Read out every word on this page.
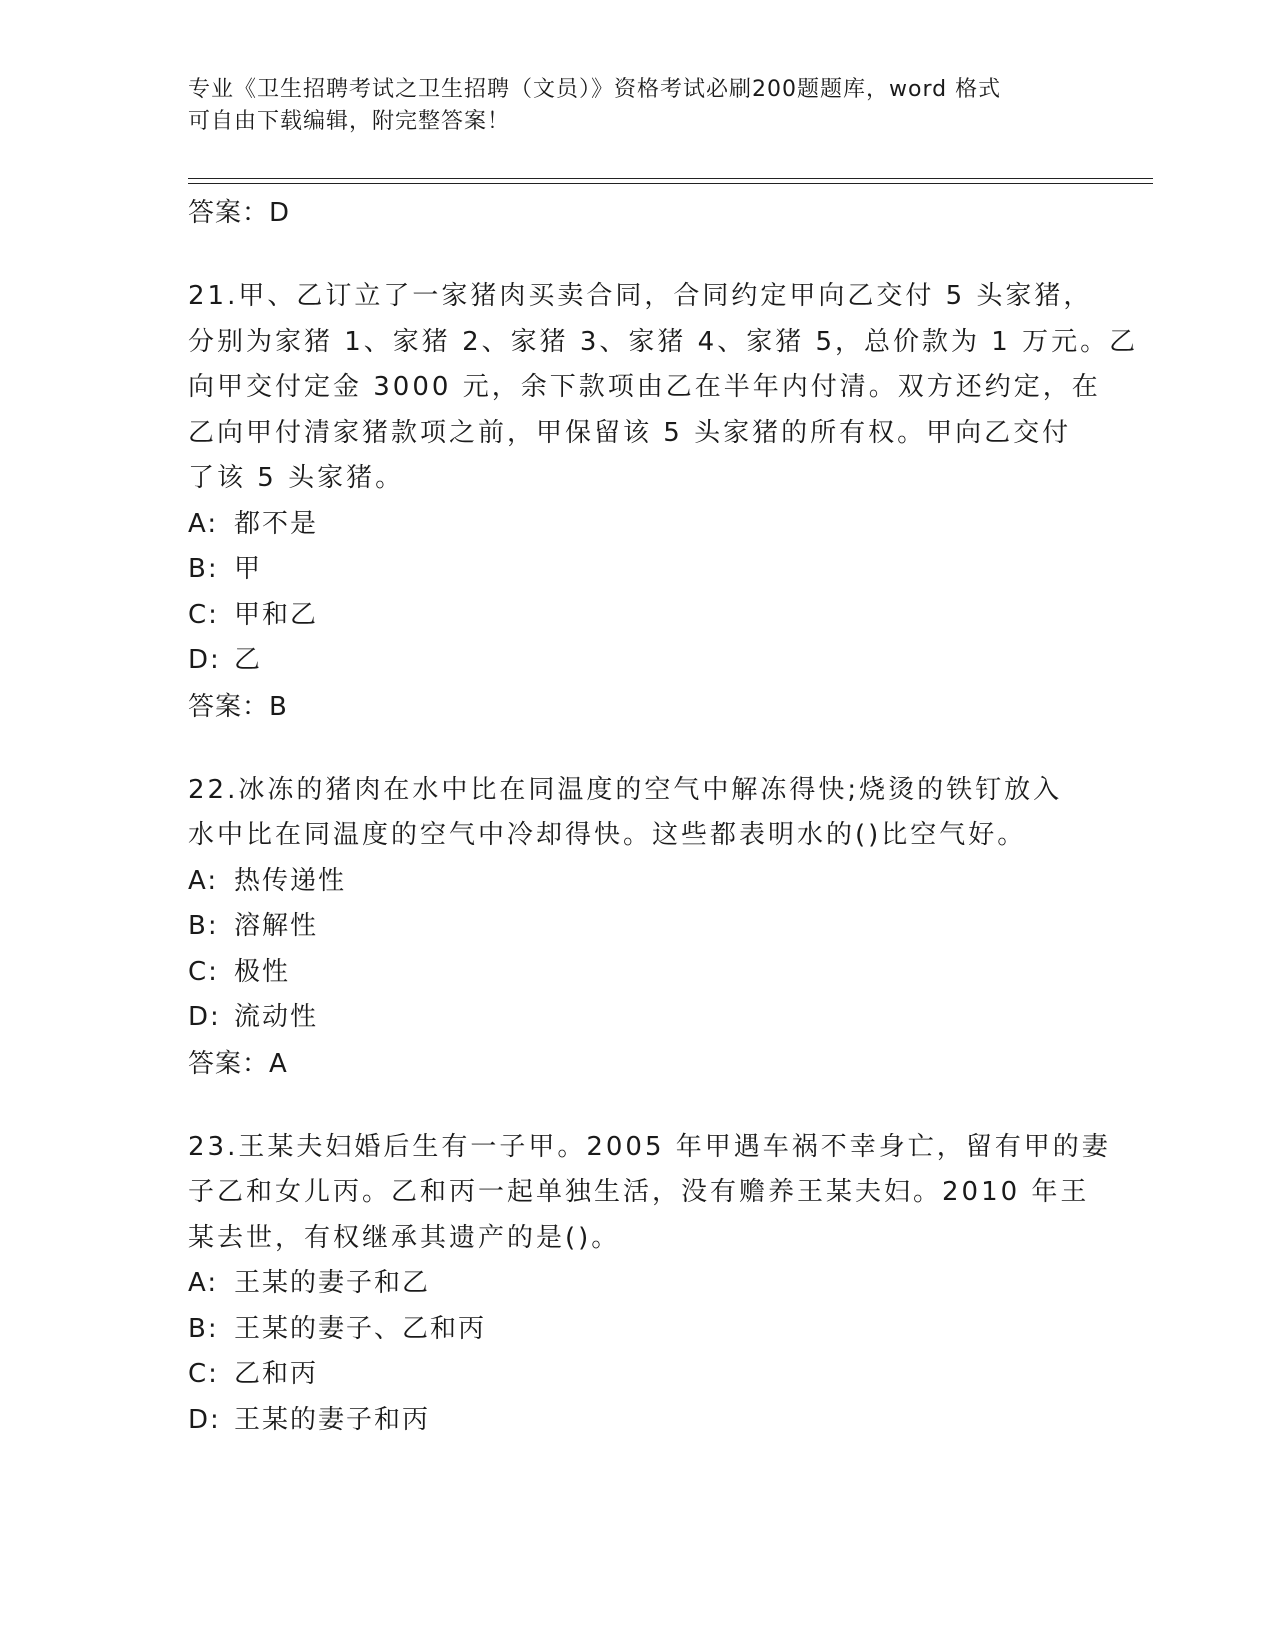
专业《卫生招聘考试之卫生招聘（文员）》资格考试必刷200题题库，word 格式
可自由下载编辑，附完整答案！
答案：D
21.甲、乙订立了一家猪肉买卖合同，合同约定甲向乙交付 5 头家猪，
分别为家猪 1、家猪 2、家猪 3、家猪 4、家猪 5，总价款为 1 万元。乙
向甲交付定金 3000 元，余下款项由乙在半年内付清。双方还约定，在
乙向甲付清家猪款项之前，甲保留该 5 头家猪的所有权。甲向乙交付
了该 5 头家猪。
A: 都不是
B: 甲
C: 甲和乙
D: 乙
答案：B
22.冰冻的猪肉在水中比在同温度的空气中解冻得快;烧烫的铁钉放入
水中比在同温度的空气中冷却得快。这些都表明水的()比空气好。
A: 热传递性
B: 溶解性
C: 极性
D: 流动性
答案：A
23.王某夫妇婚后生有一子甲。2005 年甲遇车祸不幸身亡，留有甲的妻
子乙和女儿丙。乙和丙一起单独生活，没有赡养王某夫妇。2010 年王
某去世，有权继承其遗产的是()。
A: 王某的妻子和乙
B: 王某的妻子、乙和丙
C: 乙和丙
D: 王某的妻子和丙
